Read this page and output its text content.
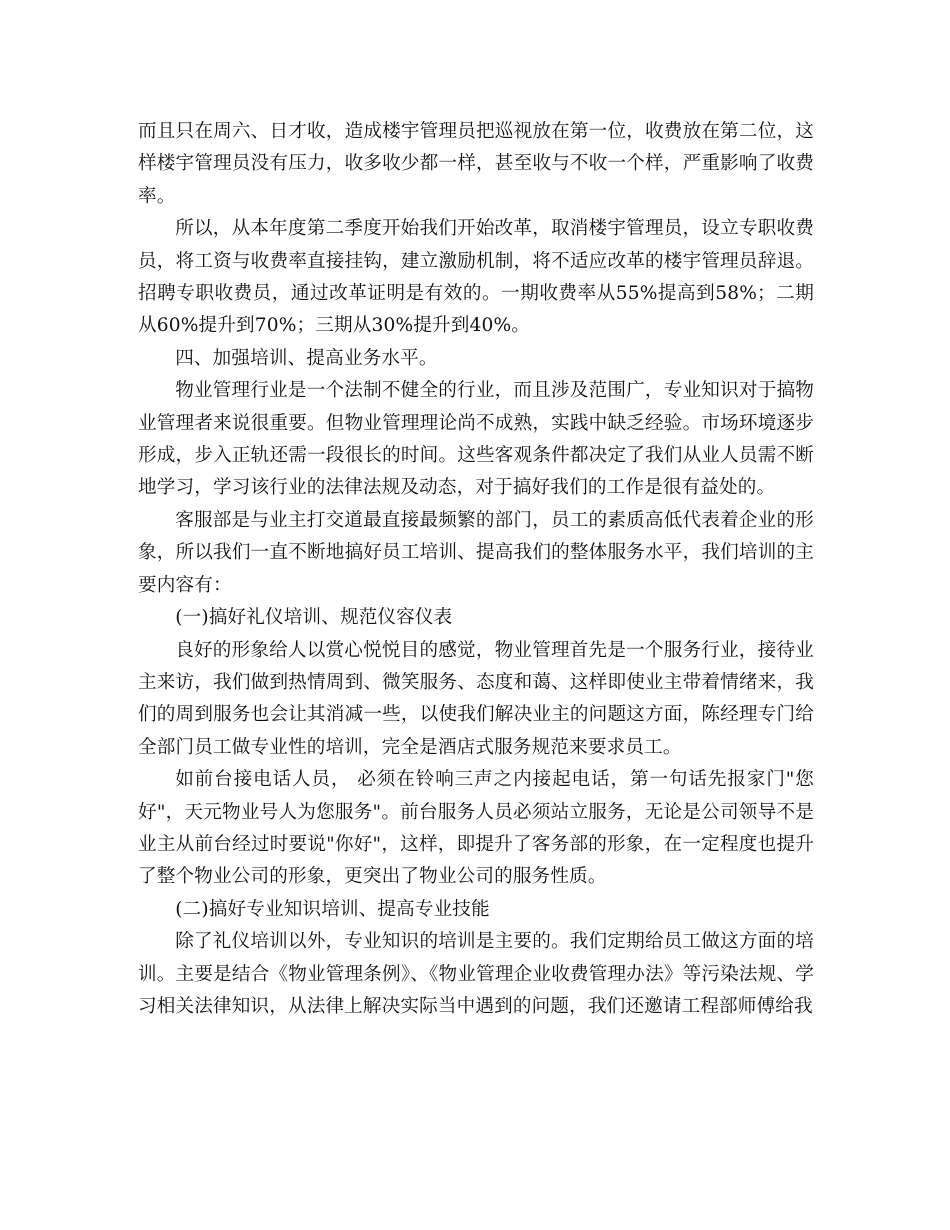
而且只在周六、日才收，造成楼宇管理员把巡视放在第一位，收费放在第二位，这样楼宇管理员没有压力，收多收少都一样，甚至收与不收一个样，严重影响了收费率。

所以，从本年度第二季度开始我们开始改革，取消楼宇管理员，设立专职收费员，将工资与收费率直接挂钩，建立激励机制，将不适应改革的楼宇管理员辞退。招聘专职收费员，通过改革证明是有效的。一期收费率从55%提高到58%；二期从60%提升到70%；三期从30%提升到40%。

四、加强培训、提高业务水平。

物业管理行业是一个法制不健全的行业，而且涉及范围广，专业知识对于搞物业管理者来说很重要。但物业管理理论尚不成熟，实践中缺乏经验。市场环境逐步形成，步入正轨还需一段很长的时间。这些客观条件都决定了我们从业人员需不断地学习，学习该行业的法律法规及动态，对于搞好我们的工作是很有益处的。

客服部是与业主打交道最直接最频繁的部门，员工的素质高低代表着企业的形象，所以我们一直不断地搞好员工培训、提高我们的整体服务水平，我们培训的主要内容有：

(一)搞好礼仪培训、规范仪容仪表

良好的形象给人以赏心悦悦目的感觉，物业管理首先是一个服务行业，接待业主来访，我们做到热情周到、微笑服务、态度和蔼、这样即使业主带着情绪来，我们的周到服务也会让其消减一些，以使我们解决业主的问题这方面，陈经理专门给全部门员工做专业性的培训，完全是酒店式服务规范来要求员工。

如前台接电话人员， 必须在铃响三声之内接起电话，第一句话先报家门"您好"，天元物业号人为您服务"。前台服务人员必须站立服务，无论是公司领导不是业主从前台经过时要说"你好"，这样，即提升了客务部的形象，在一定程度也提升了整个物业公司的形象，更突出了物业公司的服务性质。

(二)搞好专业知识培训、提高专业技能

除了礼仪培训以外，专业知识的培训是主要的。我们定期给员工做这方面的培训。主要是结合《物业管理条例》、《物业管理企业收费管理办法》等污染法规、学习相关法律知识，从法律上解决实际当中遇到的问题，我们还邀请工程部师傅给我
